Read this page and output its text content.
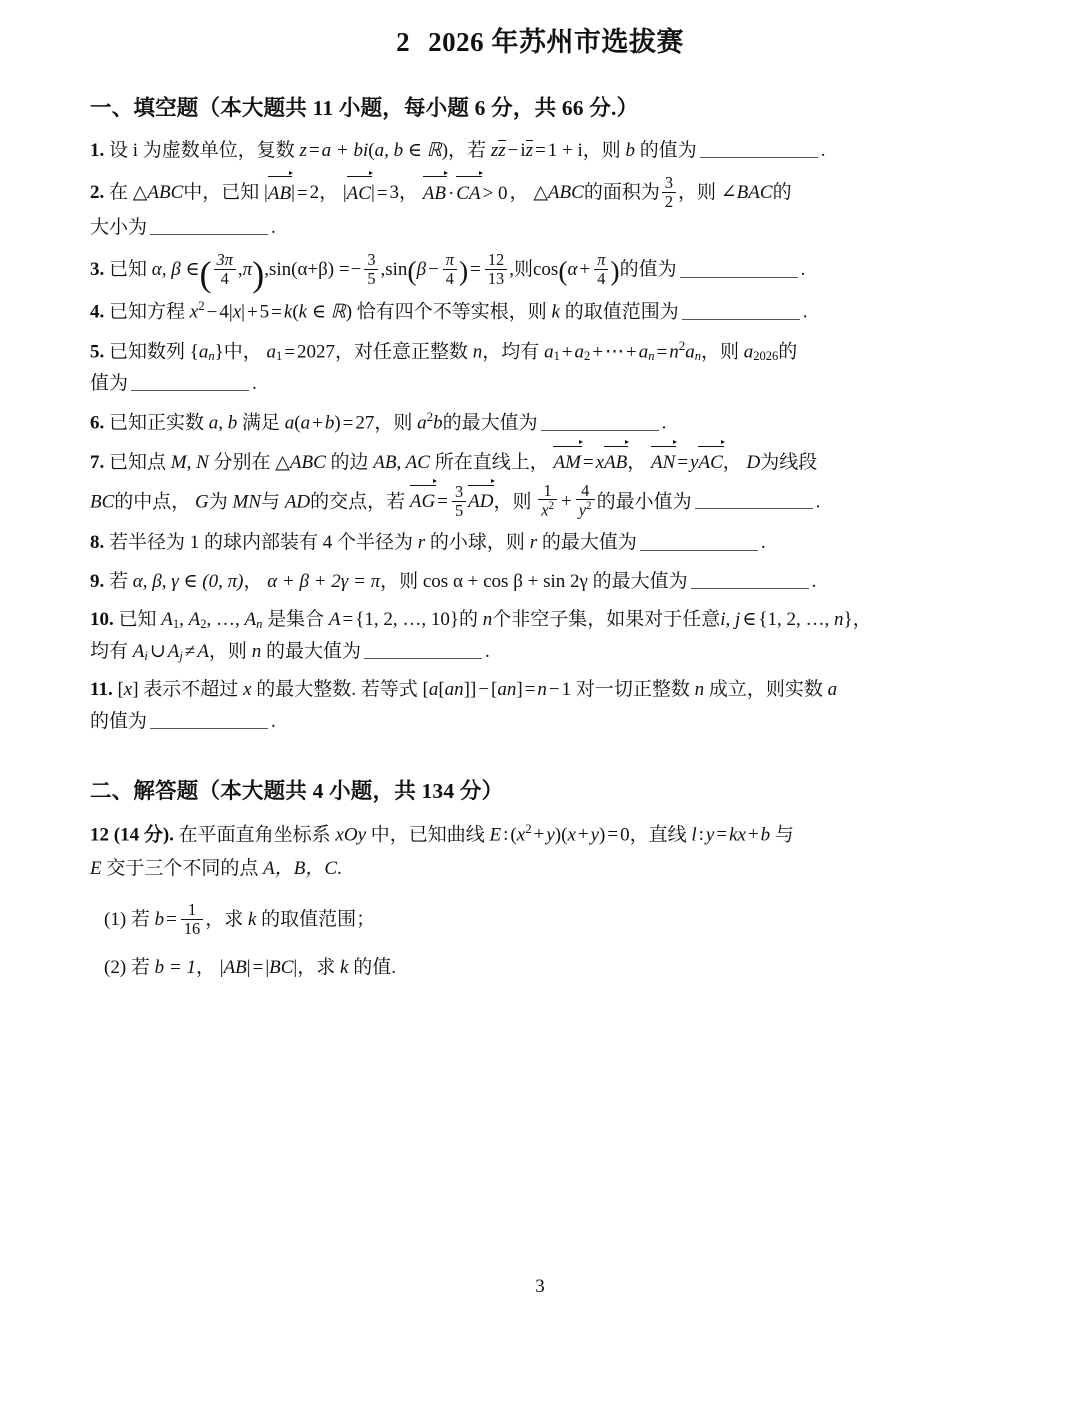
2 2026 年苏州市选拔赛
一、填空题（本大题共 11 小题，每小题 6 分，共 66 分.）
1. 设 i 为虚数单位，复数 z = a + bi(a, b ∈ ℝ)，若 zz − iz = 1 + i，则 b 的值为	.
2. 在 △ABC中，已知 |AB| = 2， |AC| = 3， AB · CA > 0 ， △ABC的面积为 $\frac{3}{2}$ ，则 ∠BAC的
大小为	.
3. 已知 α, β ∈( $\frac{3\pi}{4} ,\pi),\sin(\alpha+\beta) =- \frac{3}{5} ,\sin(\beta - \frac{\pi}{4}$ ) = $\frac{12}{13}$ ,则$\cos(\alpha + \frac{\pi}{4}$ )的值为	.
4. 已知方程 $x^2 - 4|x| + 5 = k(k$ ∈ ℝ) 恰有四个不等实根，则 k 的取值范围为	.
5. 已知数列 $\{a_n\}$中， $a_1 = 2027$，对任意正整数 n，均有 $a_1 + a_2$ + ⋯ + $a_n = n^2a_n$，则 $a_{2026}$的
值为	.
6. 已知正实数 a, b 满足 a(a + b) = 27，则 $a^2b$的最大值为	.
7. 已知点 M, N 分别在 △ABC 的边 AB, AC 所在直线上， AM = xAB， AN = yAC， D为线段
BC的中点， G为 MN与 AD的交点，若 AG = $\frac{3}{5}$ AD，则 $\frac{1}{x^2} + \frac{4}{y^2}$ 的最小值为	.
8. 若半径为 1 的球内部装有 4 个半径为 r 的小球，则 r 的最大值为	.
9. 若 α, β, γ ∈ (0, π)， α + β + 2γ = π，则 cos α + cos β + sin 2γ 的最大值为	.
10. 已知 $A_1$, $A_2$, …, $A_n$ 是集合 A = {1, 2, …, 10}的 n个非空子集，如果对于任意i, j ∈ {1, 2, …, n}，
均有 $A_i$ ∪ $A_j \ne A$，则 n 的最大值为	.
11. [x] 表示不超过 x 的最大整数. 若等式 [a[an]] − [an] = n − 1 对一切正整数 n 成立，则实数 a
的值为	.
二、解答题（本大题共 4 小题，共 134 分）
12 (14 分). 在平面直角坐标系 xOy 中，已知曲线 E : $(x^2 + y)(x + y) = 0$，直线 l : y = kx + b 与
E 交于三个不同的点 A，B，C.
(1) 若 $b = \frac{1}{16}$ ，求 k 的取值范围；
(2) 若 b = 1， |AB| = |BC|，求 k 的值.
3
